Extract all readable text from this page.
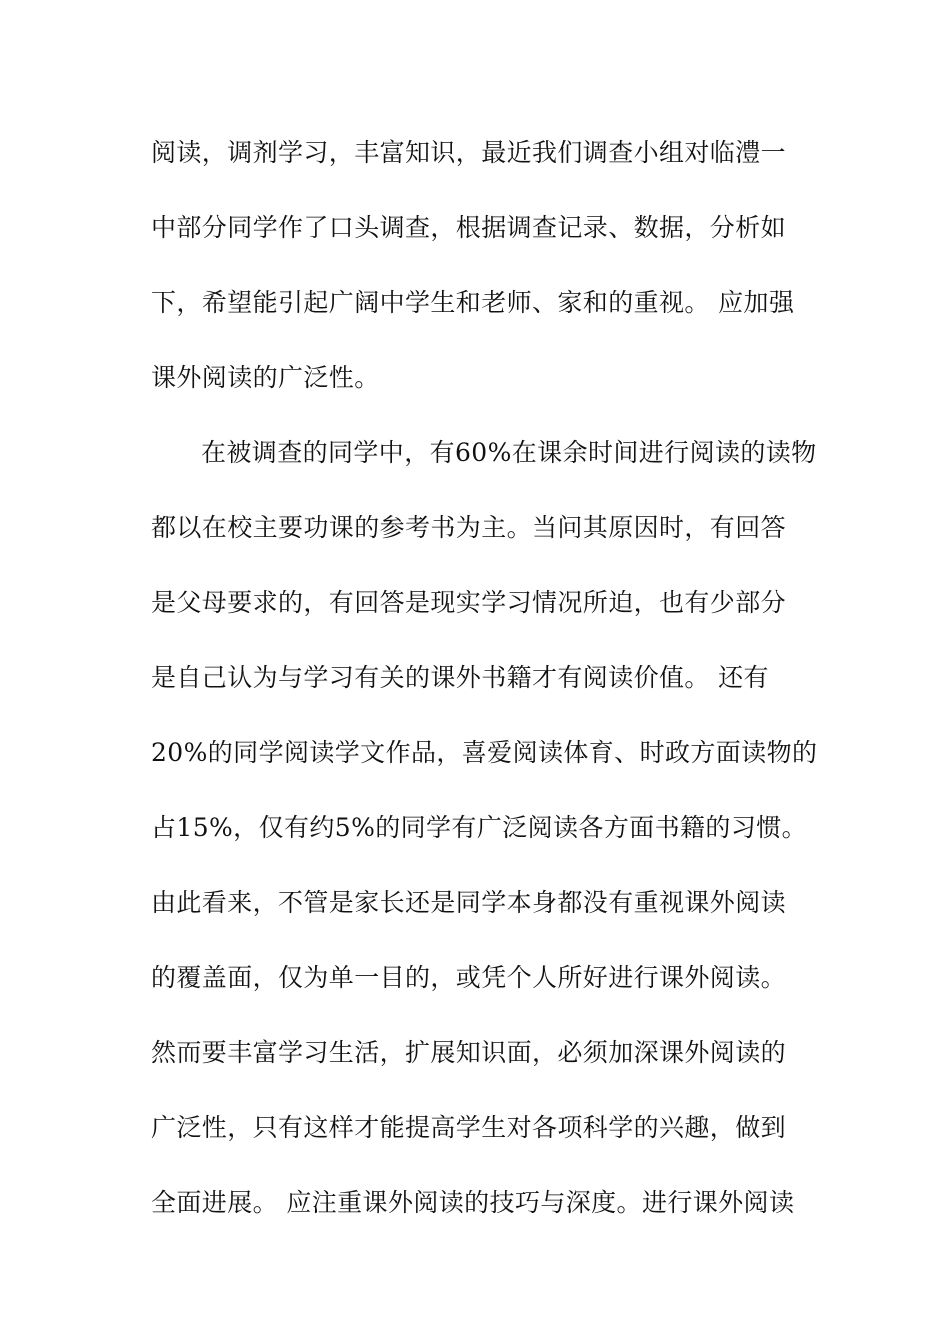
阅读，调剂学习，丰富知识，最近我们调查小组对临澧一
中部分同学作了口头调查，根据调查记录、数据，分析如
下，希望能引起广阔中学生和老师、家和的重视。 应加强
课外阅读的广泛性。
在被调查的同学中，有60%在课余时间进行阅读的读物
都以在校主要功课的参考书为主。当问其原因时，有回答
是父母要求的，有回答是现实学习情况所迫，也有少部分
是自己认为与学习有关的课外书籍才有阅读价值。 还有
20%的同学阅读学文作品，喜爱阅读体育、时政方面读物的
占15%，仅有约5%的同学有广泛阅读各方面书籍的习惯。
由此看来，不管是家长还是同学本身都没有重视课外阅读
的覆盖面，仅为单一目的，或凭个人所好进行课外阅读。
然而要丰富学习生活，扩展知识面，必须加深课外阅读的
广泛性，只有这样才能提高学生对各项科学的兴趣，做到
全面进展。 应注重课外阅读的技巧与深度。进行课外阅读
